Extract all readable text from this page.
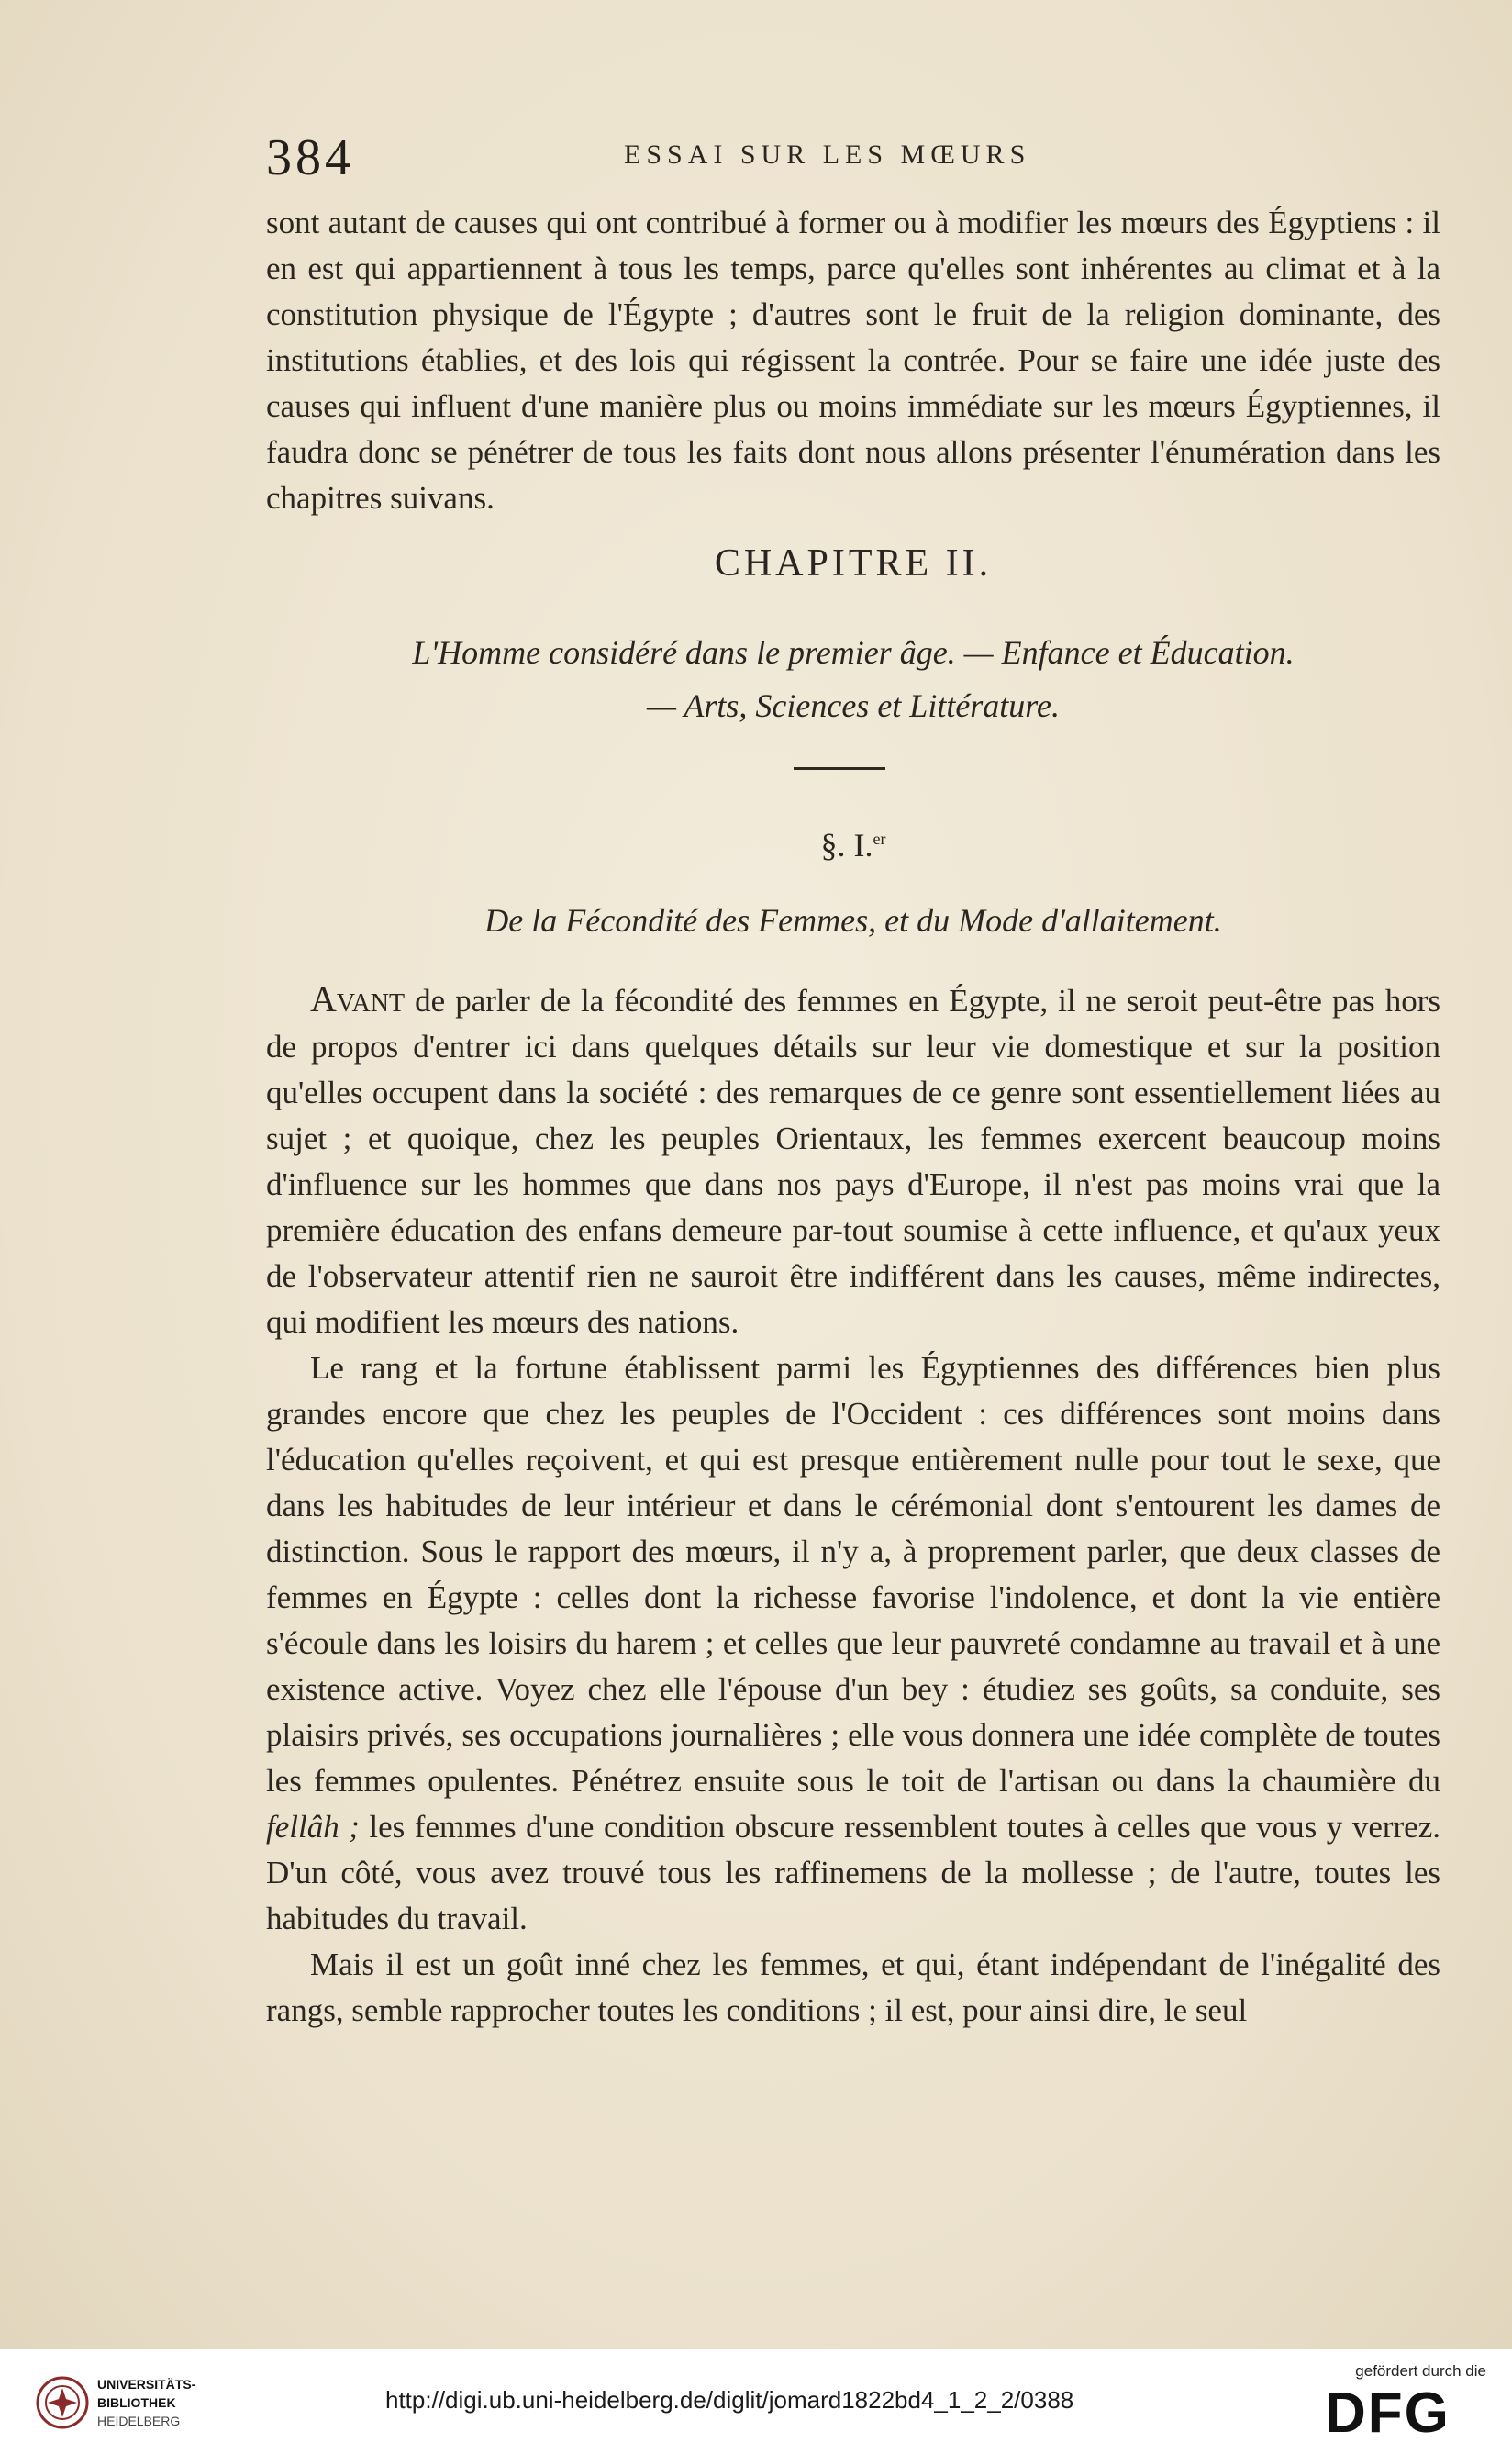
384	ESSAI SUR LES MŒURS

sont autant de causes qui ont contribué à former ou à modifier les mœurs des Égyptiens : il en est qui appartiennent à tous les temps, parce qu'elles sont inhérentes au climat et à la constitution physique de l'Égypte ; d'autres sont le fruit de la religion dominante, des institutions établies, et des lois qui régissent la contrée. Pour se faire une idée juste des causes qui influent d'une manière plus ou moins immédiate sur les mœurs Égyptiennes, il faudra donc se pénétrer de tous les faits dont nous allons présenter l'énumération dans les chapitres suivans.

CHAPITRE II.
L'Homme considéré dans le premier âge. — Enfance et Éducation.
— Arts, Sciences et Littérature.
§. I.$^{er}$
De la Fécondité des Femmes, et du Mode d'allaitement.

Avant de parler de la fécondité des femmes en Égypte, il ne seroit peut-être pas hors de propos d'entrer ici dans quelques détails sur leur vie domestique et sur la position qu'elles occupent dans la société : des remarques de ce genre sont essentiellement liées au sujet ; et quoique, chez les peuples Orientaux, les femmes exercent beaucoup moins d'influence sur les hommes que dans nos pays d'Europe, il n'est pas moins vrai que la première éducation des enfans demeure par-tout soumise à cette influence, et qu'aux yeux de l'observateur attentif rien ne sauroit être indifférent dans les causes, même indirectes, qui modifient les mœurs des nations.

Le rang et la fortune établissent parmi les Égyptiennes des différences bien plus grandes encore que chez les peuples de l'Occident : ces différences sont moins dans l'éducation qu'elles reçoivent, et qui est presque entièrement nulle pour tout le sexe, que dans les habitudes de leur intérieur et dans le cérémonial dont s'entourent les dames de distinction. Sous le rapport des mœurs, il n'y a, à proprement parler, que deux classes de femmes en Égypte : celles dont la richesse favorise l'indolence, et dont la vie entière s'écoule dans les loisirs du harem ; et celles que leur pauvreté condamne au travail et à une existence active. Voyez chez elle l'épouse d'un bey : étudiez ses goûts, sa conduite, ses plaisirs privés, ses occupations journalières ; elle vous donnera une idée complète de toutes les femmes opulentes. Pénétrez ensuite sous le toit de l'artisan ou dans la chaumière du fellâh ; les femmes d'une condition obscure ressemblent toutes à celles que vous y verrez. D'un côté, vous avez trouvé tous les raffinemens de la mollesse ; de l'autre, toutes les habitudes du travail.

Mais il est un goût inné chez les femmes, et qui, étant indépendant de l'inégalité des rangs, semble rapprocher toutes les conditions ; il est, pour ainsi dire, le seul

UNIVERSITÄTS-
BIBLIOTHEK
HEIDELBERG
http://digi.ub.uni-heidelberg.de/diglit/jomard1822bd4_1_2_2/0388
gefördert durch die
DFG
